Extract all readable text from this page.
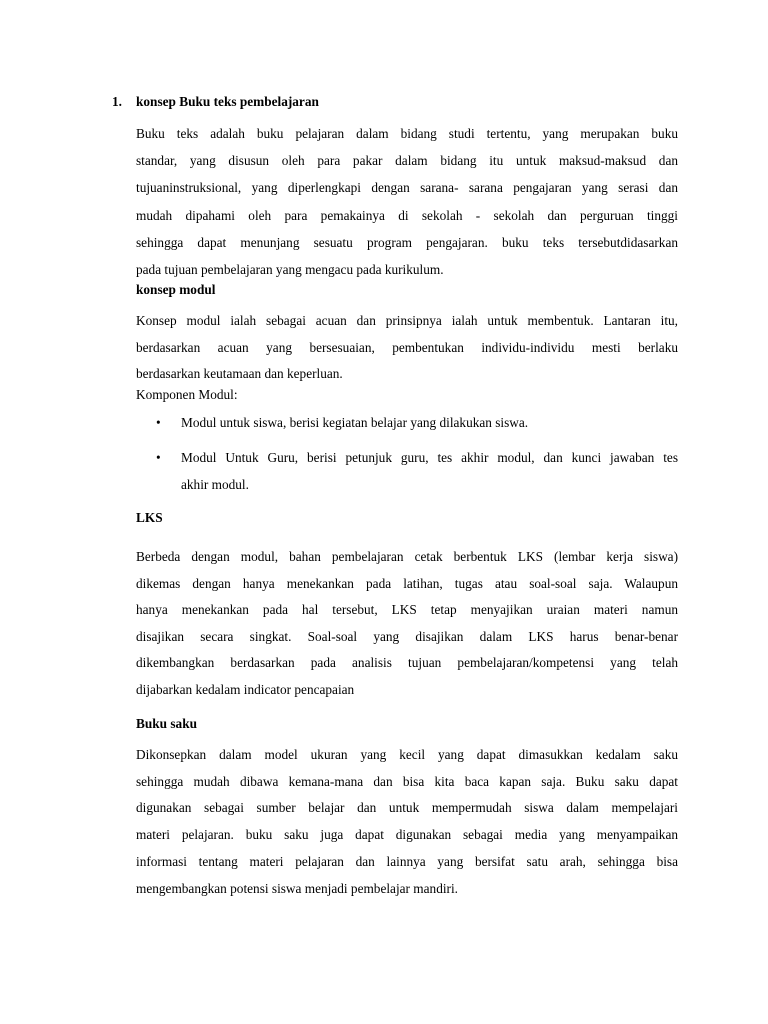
1. konsep Buku teks pembelajaran
Buku teks adalah buku pelajaran dalam bidang studi tertentu, yang merupakan buku
standar, yang disusun oleh para pakar dalam bidang itu untuk maksud-maksud dan
tujuaninstruksional, yang diperlengkapi dengan sarana- sarana pengajaran yang serasi dan
mudah dipahami oleh para pemakainya di sekolah - sekolah dan perguruan tinggi
sehingga dapat menunjang sesuatu program pengajaran. buku teks tersebutdidasarkan
pada tujuan pembelajaran yang mengacu pada kurikulum.
konsep modul
Konsep modul ialah sebagai acuan dan prinsipnya ialah untuk membentuk. Lantaran itu,
berdasarkan acuan yang bersesuaian, pembentukan individu-individu mesti berlaku
berdasarkan keutamaan dan keperluan.
Komponen Modul:
• Modul untuk siswa, berisi kegiatan belajar yang dilakukan siswa.
• Modul Untuk Guru, berisi petunjuk guru, tes akhir modul, dan kunci jawaban tes
akhir modul.
LKS
Berbeda dengan modul, bahan pembelajaran cetak berbentuk LKS (lembar kerja siswa)
dikemas dengan hanya menekankan pada latihan, tugas atau soal-soal saja. Walaupun
hanya menekankan pada hal tersebut, LKS tetap menyajikan uraian materi namun
disajikan secara singkat. Soal-soal yang disajikan dalam LKS harus benar-benar
dikembangkan berdasarkan pada analisis tujuan pembelajaran/kompetensi yang telah
dijabarkan kedalam indicator pencapaian
Buku saku
Dikonsepkan dalam model ukuran yang kecil yang dapat dimasukkan kedalam saku
sehingga mudah dibawa kemana-mana dan bisa kita baca kapan saja. Buku saku dapat
digunakan sebagai sumber belajar dan untuk mempermudah siswa dalam mempelajari
materi pelajaran. buku saku juga dapat digunakan sebagai media yang menyampaikan
informasi tentang materi pelajaran dan lainnya yang bersifat satu arah, sehingga bisa
mengembangkan potensi siswa menjadi pembelajar mandiri.
